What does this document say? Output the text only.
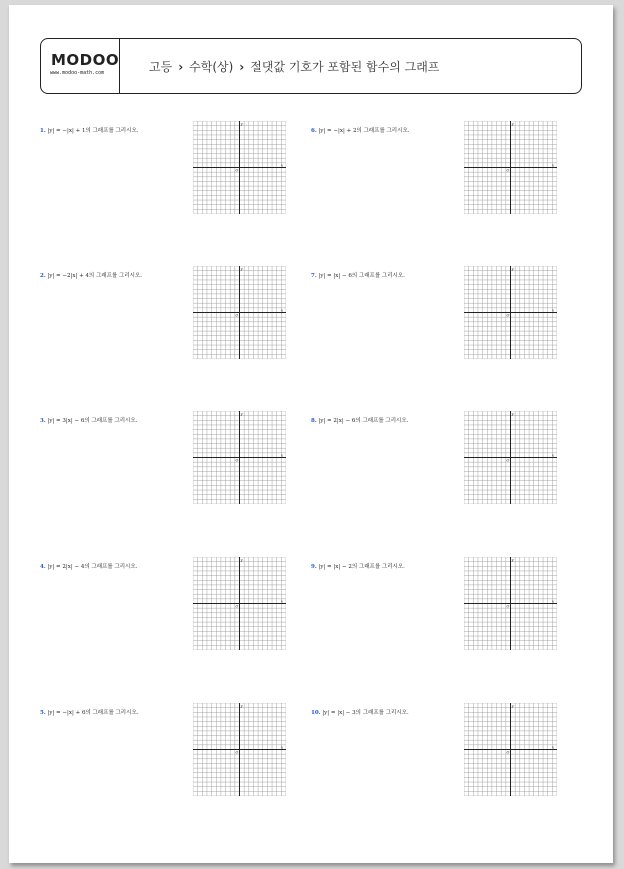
MODOO
www.modoo-math.com	고등 › 수학(상) › 절댓값 기호가 포함된 함수의 그래프
1. |y| = −|x| + 1의 그래프를 그리시오.
O
x
y
6. |y| = −|x| + 2의 그래프를 그리시오.
O
x
y
2. |y| = −2|x| + 4의 그래프를 그리시오.
O
x
y
7. |y| = |x| − 6의 그래프를 그리시오.
O
x
y
3. |y| = 3|x| − 6의 그래프를 그리시오.
O
x
y
8. |y| = 2|x| − 6의 그래프를 그리시오.
O
x
y
4. |y| = 2|x| − 4의 그래프를 그리시오.
O
x
y
9. |y| = |x| − 2의 그래프를 그리시오.
O
x
y
5. |y| = −|x| + 6의 그래프를 그리시오.
O
x
y
10. |y| = |x| − 3의 그래프를 그리시오.
O
x
y
